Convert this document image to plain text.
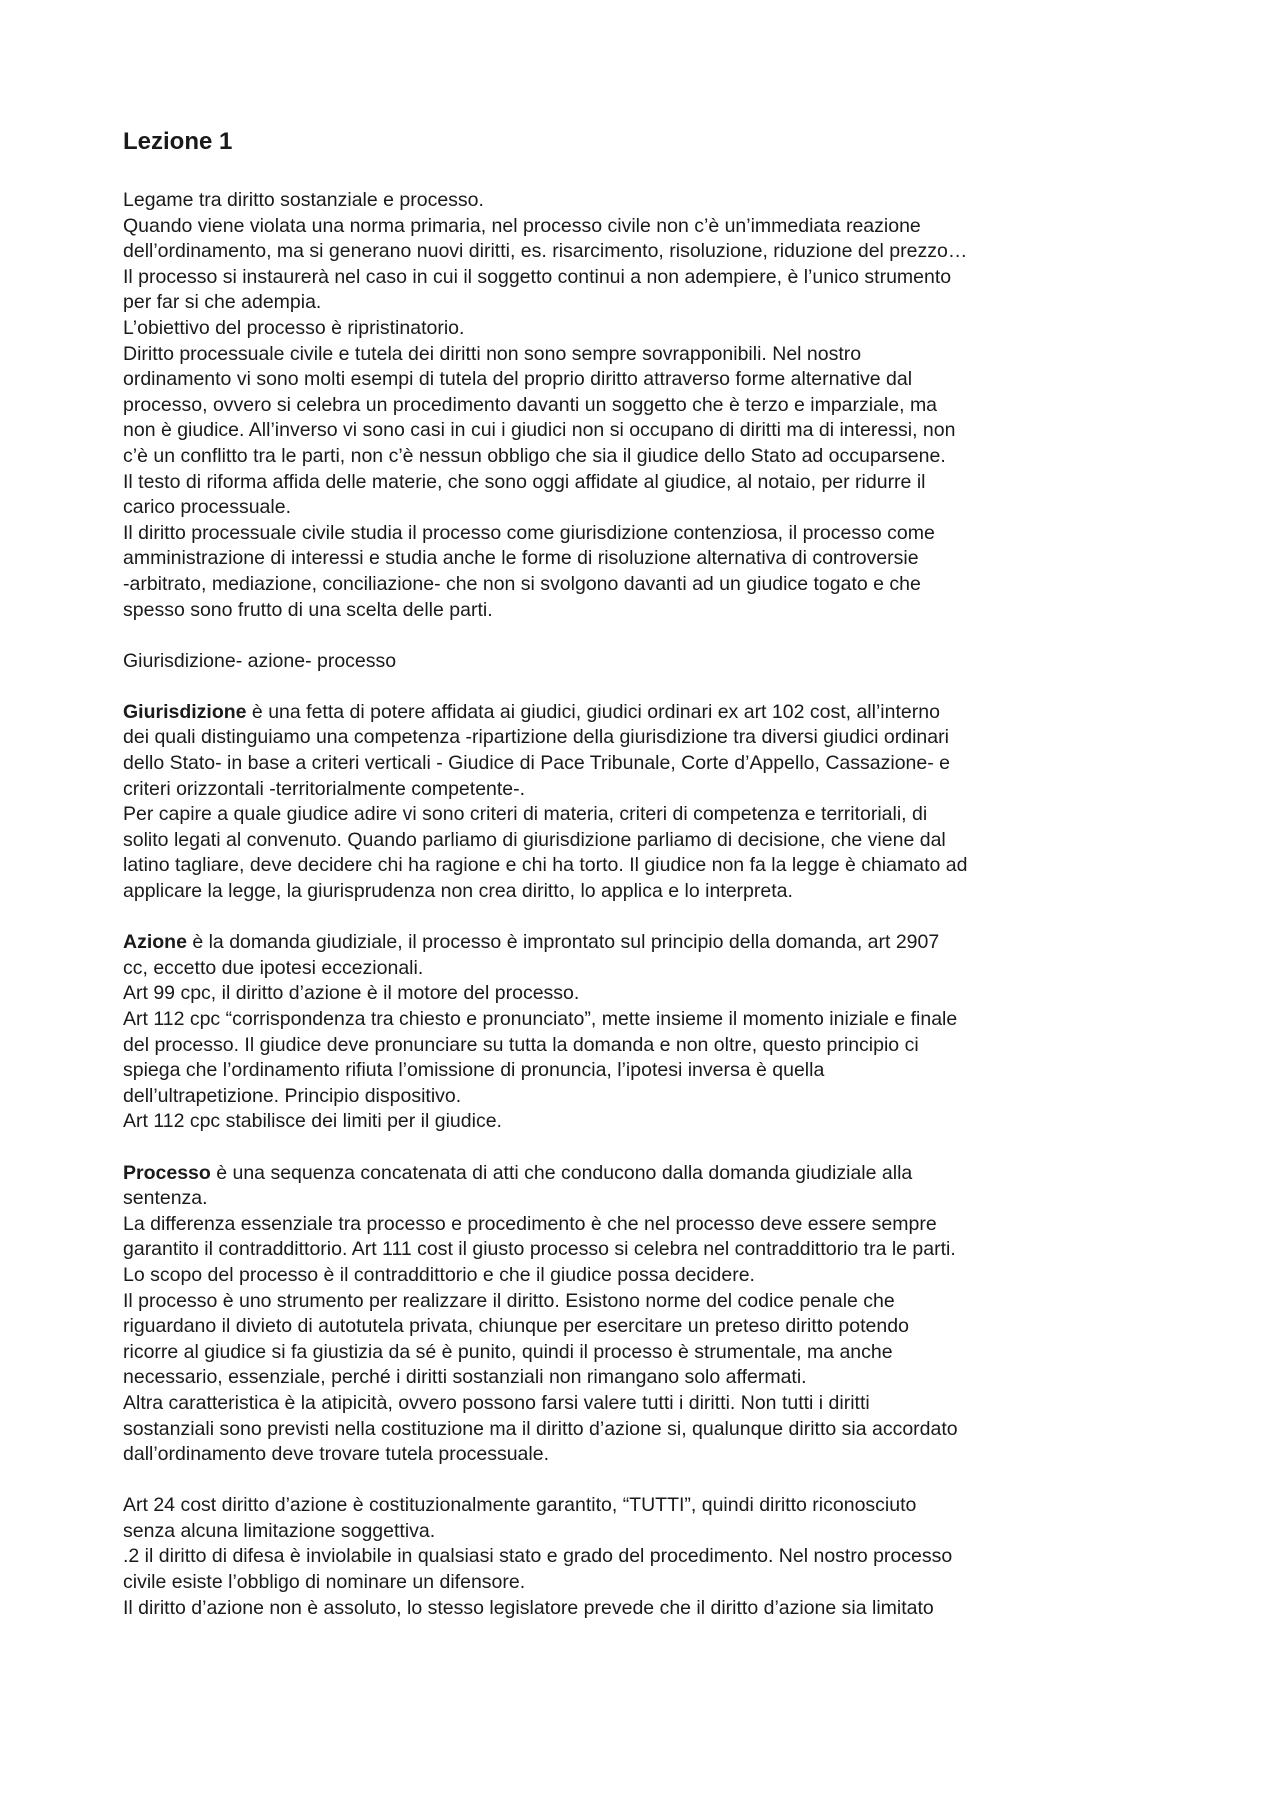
Lezione 1
Legame tra diritto sostanziale e processo.
Quando viene violata una norma primaria, nel processo civile non c’è un’immediata reazione
dell’ordinamento, ma si generano nuovi diritti, es. risarcimento, risoluzione, riduzione del prezzo…
Il processo si instaurerà nel caso in cui il soggetto continui a non adempiere, è l’unico strumento
per far si che adempia.
L’obiettivo del processo è ripristinatorio.
Diritto processuale civile e tutela dei diritti non sono sempre sovrapponibili. Nel nostro
ordinamento vi sono molti esempi di tutela del proprio diritto attraverso forme alternative dal
processo, ovvero si celebra un procedimento davanti un soggetto che è terzo e imparziale, ma
non è giudice. All’inverso vi sono casi in cui i giudici non si occupano di diritti ma di interessi, non
c’è un conflitto tra le parti, non c’è nessun obbligo che sia il giudice dello Stato ad occuparsene.
Il testo di riforma affida delle materie, che sono oggi affidate al giudice, al notaio, per ridurre il
carico processuale.
Il diritto processuale civile studia il processo come giurisdizione contenziosa, il processo come
amministrazione di interessi e studia anche le forme di risoluzione alternativa di controversie
-arbitrato, mediazione, conciliazione- che non si svolgono davanti ad un giudice togato e che
spesso sono frutto di una scelta delle parti.
Giurisdizione- azione- processo
Giurisdizione è una fetta di potere affidata ai giudici, giudici ordinari ex art 102 cost, all’interno
dei quali distinguiamo una competenza -ripartizione della giurisdizione tra diversi giudici ordinari
dello Stato- in base a criteri verticali - Giudice di Pace Tribunale, Corte d’Appello, Cassazione- e
criteri orizzontali -territorialmente competente-.
Per capire a quale giudice adire vi sono criteri di materia, criteri di competenza e territoriali, di
solito legati al convenuto. Quando parliamo di giurisdizione parliamo di decisione, che viene dal
latino tagliare, deve decidere chi ha ragione e chi ha torto. Il giudice non fa la legge è chiamato ad
applicare la legge, la giurisprudenza non crea diritto, lo applica e lo interpreta.
Azione è la domanda giudiziale, il processo è improntato sul principio della domanda, art 2907
cc, eccetto due ipotesi eccezionali.
Art 99 cpc, il diritto d’azione è il motore del processo.
Art 112 cpc “corrispondenza tra chiesto e pronunciato”, mette insieme il momento iniziale e finale
del processo. Il giudice deve pronunciare su tutta la domanda e non oltre, questo principio ci
spiega che l’ordinamento rifiuta l’omissione di pronuncia, l’ipotesi inversa è quella
dell’ultrapetizione. Principio dispositivo.
Art 112 cpc stabilisce dei limiti per il giudice.
Processo è una sequenza concatenata di atti che conducono dalla domanda giudiziale alla
sentenza.
La differenza essenziale tra processo e procedimento è che nel processo deve essere sempre
garantito il contraddittorio. Art 111 cost il giusto processo si celebra nel contraddittorio tra le parti.
Lo scopo del processo è il contraddittorio e che il giudice possa decidere.
Il processo è uno strumento per realizzare il diritto. Esistono norme del codice penale che
riguardano il divieto di autotutela privata, chiunque per esercitare un preteso diritto potendo
ricorre al giudice si fa giustizia da sé è punito, quindi il processo è strumentale, ma anche
necessario, essenziale, perché i diritti sostanziali non rimangano solo affermati.
Altra caratteristica è la atipicità, ovvero possono farsi valere tutti i diritti. Non tutti i diritti
sostanziali sono previsti nella costituzione ma il diritto d’azione si, qualunque diritto sia accordato
dall’ordinamento deve trovare tutela processuale.
Art 24 cost diritto d’azione è costituzionalmente garantito, “TUTTI”, quindi diritto riconosciuto
senza alcuna limitazione soggettiva.
.2 il diritto di difesa è inviolabile in qualsiasi stato e grado del procedimento. Nel nostro processo
civile esiste l’obbligo di nominare un difensore.
Il diritto d’azione non è assoluto, lo stesso legislatore prevede che il diritto d’azione sia limitato
